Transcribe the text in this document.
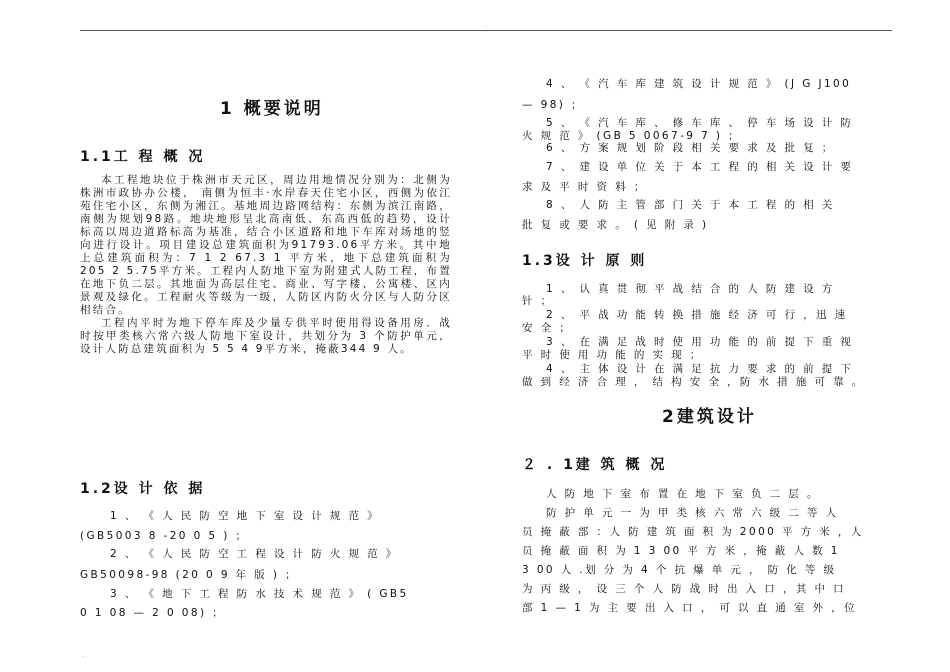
.
.
1 概要说明
1.1工 程 概 况

本工程地块位于株洲市天元区，周边用地情况分别为：北侧为株洲市政协办公楼， 南侧为恒丰·水岸春天住宅小区，西侧为依江苑住宅小区，东侧为湘江。基地周边路网结构：东侧为滨江南路，南侧为规划98路。地块地形呈北高南低、东高西低的趋势，设计标高以周边道路标高为基准，结合小区道路和地下车库对场地的竖向进行设计。项目建设总建筑面积为91793.06平方米。其中地上总建筑面积为：7 1 2 67.3 1 平方米，地下总建筑面积为205 2 5.75平方米。工程内人防地下室为附建式人防工程，布置在地下负二层。其地面为高层住宅、商业、写字楼、公寓楼、区内景观及绿化。工程耐火等级为一级，人防区内防火分区与人防分区相结合。

工程内平时为地下停车库及少量专供平时使用得设备用房．战时按甲类核六常六级人防地下室设计，共划分为 3 个防护单元，设计人防总建筑面积为 5 5 4 9平方米，掩蔽344 9 人。

1.2设 计 依 据
1 、 《 人 民 防 空 地 下 室 设 计 规 范 》
(GB5003 8 -20 0 5 ) ；
2 、 《 人 民 防 空 工 程 设 计 防 火 规 范 》
GB50098-98 (20 0 9 年 版 ) ；
3 、 《 地 下 工 程 防 水 技 术 规 范 》 ( GB5
0 1 08 — 2 0 08) ；
4 、 《 汽 车 库 建 筑 设 计 规 范 》 (J G J100
— 98) ；
5 、 《 汽 车 库 、 修 车 库 、 停 车 场 设 计 防
火 规 范 》 (GB 5 0067-9 7 ) ；
6 、 方 案 规 划 阶 段 相 关 要 求 及 批 复 ；
7 、 建 设 单 位 关 于 本 工 程 的 相 关 设 计 要
求 及 平 时 资 料 ；
8 、 人 防 主 管 部 门 关 于 本 工 程 的 相 关
批 复 或 要 求 。 ( 见 附 录 )
1.3设 计 原 则
1 、 认 真 贯 彻 平 战 结 合 的 人 防 建 设 方
针 ；
2 、 平 战 功 能 转 换 措 施 经 济 可 行 ，迅 速
安 全 ；
3 、 在 满 足 战 时 使 用 功 能 的 前 提 下 重 视
平 时 使 用 功 能 的 实 现 ；
4 、 主 体 设 计 在 满 足 抗 力 要 求 的 前 提 下
做 到 经 济 合 理 ， 结 构 安 全 ，防 水 措 施 可 靠 。
2建筑设计
２ . 1建 筑 概 况
人 防 地 下 室 布 置 在 地 下 室 负 二 层 。
防 护 单 元 一 为 甲 类 核 六 常 六 级 二 等 人
员 掩 蔽 部 ：人 防 建 筑 面 积 为 2000 平 方 米 ，人
员 掩 蔽 面 积 为 1 3 00 平 方 米 ，掩 蔽 人 数 1
3 00 人 .划 分 为 4 个 抗 爆 单 元 ， 防 化 等 级
为 丙 级 ， 设 三 个 人 防 战 时 出 入 口 ，其 中 口
部 1 — 1 为 主 要 出 入 口 ， 可 以 直 通 室 外 ，位
